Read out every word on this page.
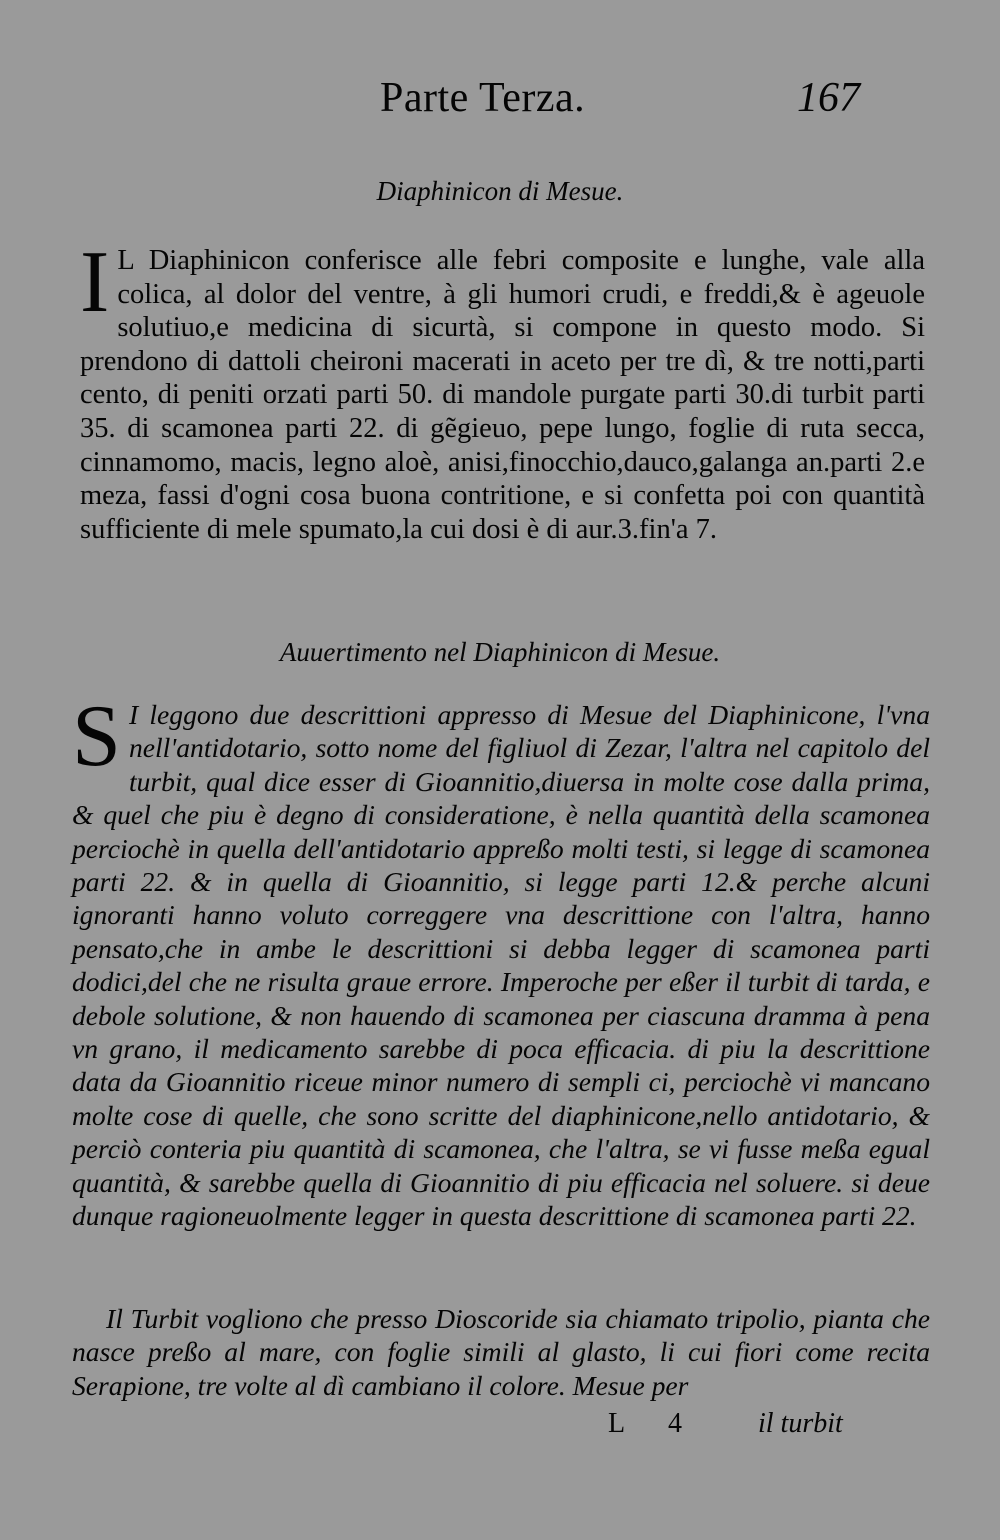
Parte Terza.	167
Diaphinicon di Mesue.

I L Diaphinicon conferisce alle febri composite e lunghe, vale alla colica, al dolor del ventre, à gli humori crudi, e freddi,& è ageuole solutiuo,e medicina di sicurtà, si compone in questo modo. Si prendono di dattoli cheironi macerati in aceto per tre dì, & tre notti,parti cento, di peniti orzati parti 50. di mandole purgate parti 30.di turbit parti 35. di scamonea parti 22. di gẽgieuo, pepe lungo, foglie di ruta secca, cinnamomo, macis, legno aloè, anisi,finocchio,dauco,galanga an.parti 2.e meza, fassi d'ogni cosa buona contritione, e si confetta poi con quantità sufficiente di mele spumato,la cui dosi è di aur.3.fin'a 7.

Auuertimento nel Diaphinicon di Mesue.

S I leggono due descrittioni appresso di Mesue del Diaphinicone, l'vna nell'antidotario, sotto nome del figliuol di Zezar, l'altra nel capitolo del turbit, qual dice esser di Gioannitio,diuersa in molte cose dalla prima, & quel che piu è degno di consideratione, è nella quantità della scamonea perciochè in quella dell'antidotario appreßo molti testi, si legge di scamonea parti 22. & in quella di Gioannitio, si legge parti 12.& perche alcuni ignoranti hanno voluto correggere vna descrittione con l'altra, hanno pensato,che in ambe le descrittioni si debba legger di scamonea parti dodici,del che ne risulta graue errore. Imperoche per eßer il turbit di tarda, e debole solutione, & non hauendo di scamonea per ciascuna dramma à pena vn grano, il medicamento sarebbe di poca efficacia. di piu la descrittione data da Gioannitio riceue minor numero di sempli ci, perciochè vi mancano molte cose di quelle, che sono scritte del diaphinicone,nello antidotario, & perciò conteria piu quantità di scamonea, che l'altra, se vi fusse meßa egual quantità, & sarebbe quella di Gioannitio di piu efficacia nel soluere. si deue dunque ragioneuolmente legger in questa descrittione di scamonea parti 22.

Il Turbit vogliono che presso Dioscoride sia chiamato tripolio, pianta che nasce preßo al mare, con foglie simili al glasto, li cui fiori come recita Serapione, tre volte al dì cambiano il colore. Mesue per

L 4	il turbit
